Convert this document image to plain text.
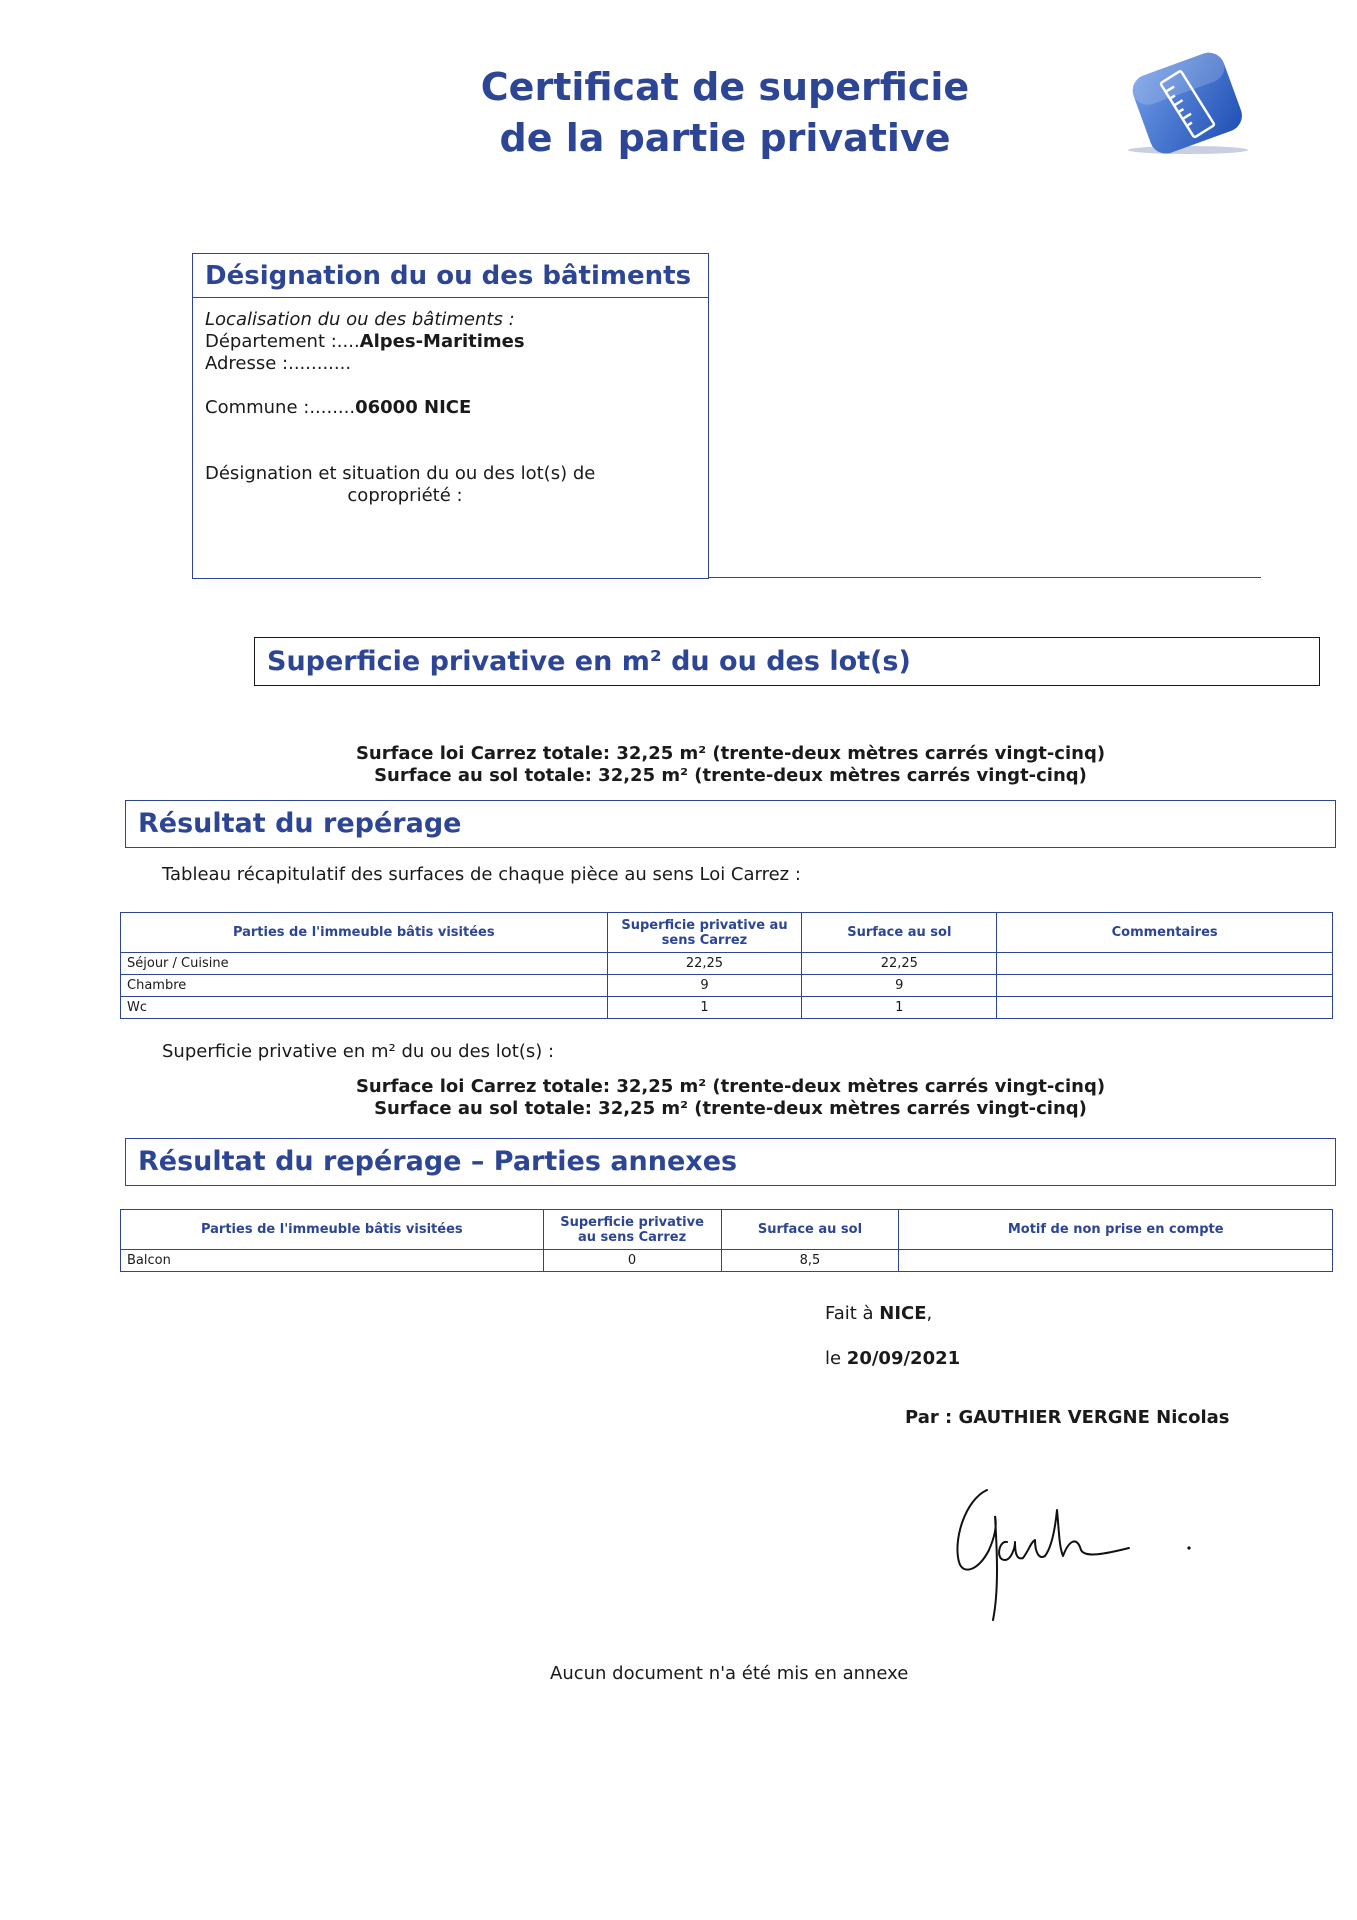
Certificat de superficie
de la partie privative
Désignation du ou des bâtiments
Localisation du ou des bâtiments :
Département :....Alpes-Maritimes
Adresse :...........
Commune :........06000 NICE
Désignation et situation du ou des lot(s) de
copropriété :
Superficie privative en m² du ou des lot(s)
Surface loi Carrez totale: 32,25 m² (trente-deux mètres carrés vingt-cinq)
Surface au sol totale: 32,25 m² (trente-deux mètres carrés vingt-cinq)
Résultat du repérage
Tableau récapitulatif des surfaces de chaque pièce au sens Loi Carrez :
Parties de l'immeuble bâtis visitées	Superficie privative au sens Carrez	Surface au sol	Commentaires
Séjour / Cuisine	22,25	22,25	
Chambre	9	9	
Wc	1	1	
Superficie privative en m² du ou des lot(s) :
Surface loi Carrez totale: 32,25 m² (trente-deux mètres carrés vingt-cinq)
Surface au sol totale: 32,25 m² (trente-deux mètres carrés vingt-cinq)
Résultat du repérage – Parties annexes
Parties de l'immeuble bâtis visitées	Superficie privative au sens Carrez	Surface au sol	Motif de non prise en compte
Balcon	0	8,5	
Fait à NICE,
le 20/09/2021
Par : GAUTHIER VERGNE Nicolas
Aucun document n'a été mis en annexe
